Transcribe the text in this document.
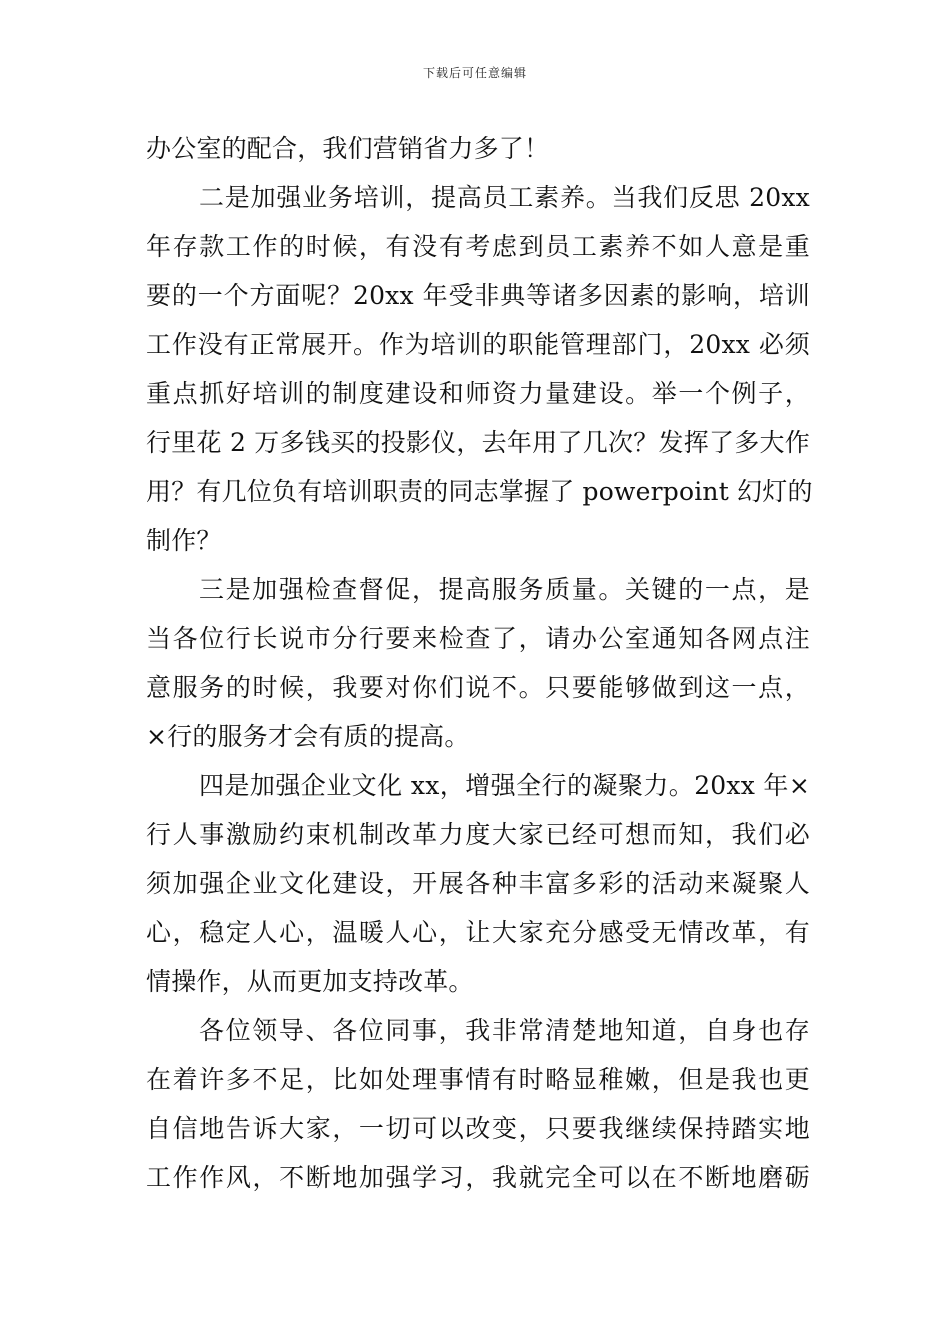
下载后可任意编辑
办公室的配合，我们营销省力多了！
二是加强业务培训，提高员工素养。当我们反思 20xx
年存款工作的时候，有没有考虑到员工素养不如人意是重
要的一个方面呢？20xx 年受非典等诸多因素的影响，培训
工作没有正常展开。作为培训的职能管理部门，20xx 必须
重点抓好培训的制度建设和师资力量建设。举一个例子，
行里花 2 万多钱买的投影仪，去年用了几次？发挥了多大作
用？有几位负有培训职责的同志掌握了 powerpoint 幻灯的
制作？
三是加强检查督促，提高服务质量。关键的一点，是
当各位行长说市分行要来检查了，请办公室通知各网点注
意服务的时候，我要对你们说不。只要能够做到这一点，
×行的服务才会有质的提高。
四是加强企业文化 xx，增强全行的凝聚力。20xx 年×
行人事激励约束机制改革力度大家已经可想而知，我们必
须加强企业文化建设，开展各种丰富多彩的活动来凝聚人
心，稳定人心，温暖人心，让大家充分感受无情改革，有
情操作，从而更加支持改革。
各位领导、各位同事，我非常清楚地知道，自身也存
在着许多不足，比如处理事情有时略显稚嫩，但是我也更
自信地告诉大家，一切可以改变，只要我继续保持踏实地
工作作风，不断地加强学习，我就完全可以在不断地磨砺
